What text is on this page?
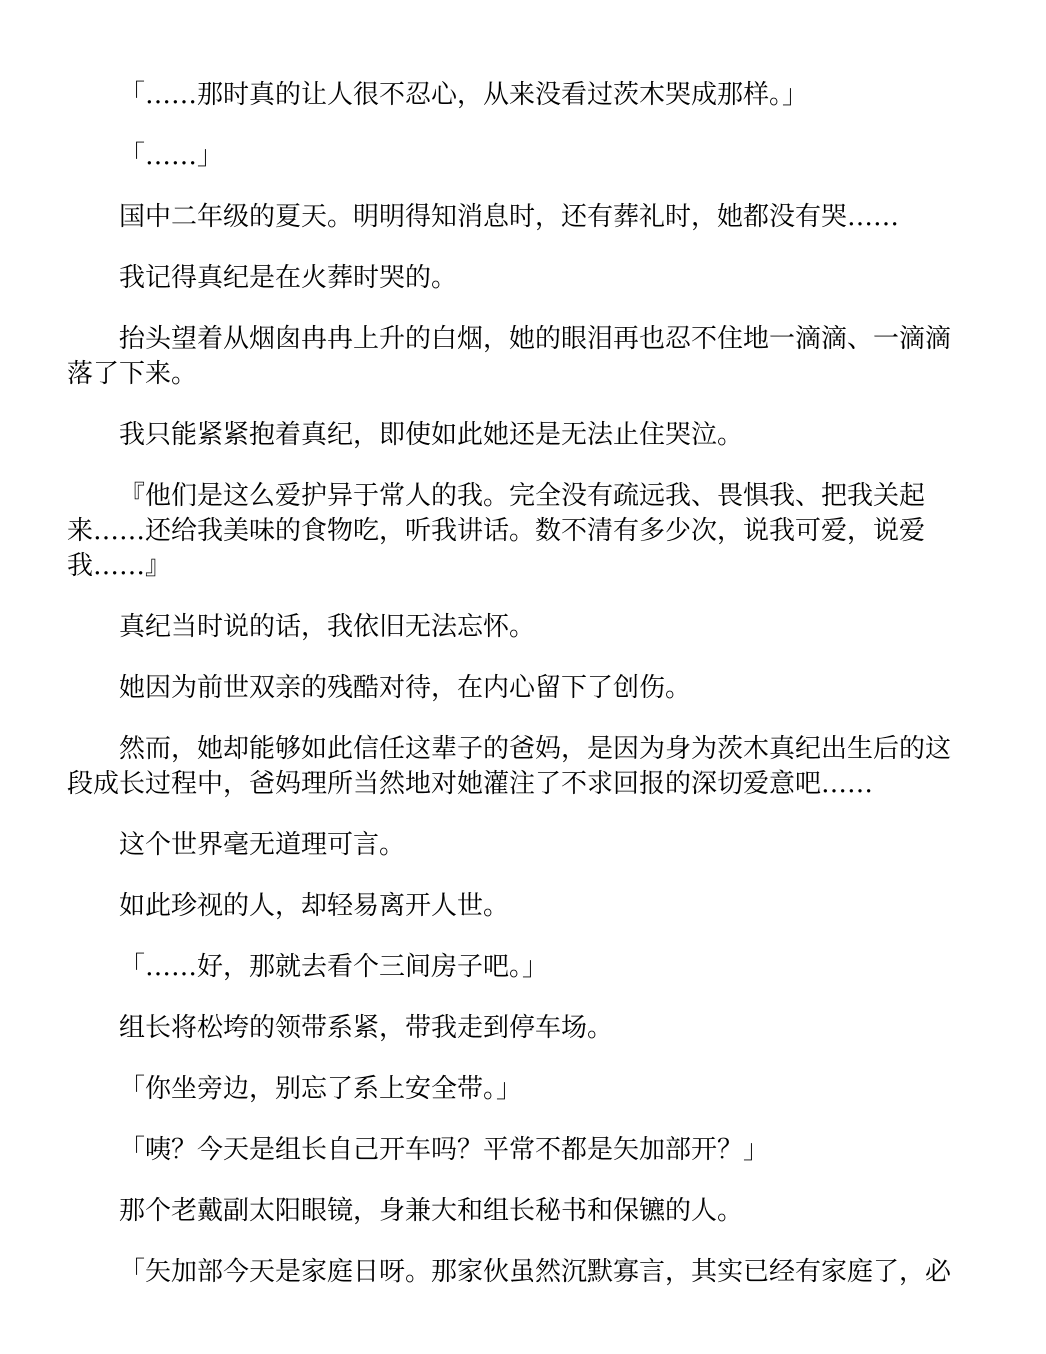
「……那时真的让人很不忍心，从来没看过茨木哭成那样。」

「……」

国中二年级的夏天。明明得知消息时，还有葬礼时，她都没有哭……

我记得真纪是在火葬时哭的。

抬头望着从烟囱冉冉上升的白烟，她的眼泪再也忍不住地一滴滴、一滴滴落了下来。

我只能紧紧抱着真纪，即使如此她还是无法止住哭泣。

『他们是这么爱护异于常人的我。完全没有疏远我、畏惧我、把我关起来……还给我美味的食物吃，听我讲话。数不清有多少次，说我可爱，说爱我……』

真纪当时说的话，我依旧无法忘怀。

她因为前世双亲的残酷对待，在内心留下了创伤。

然而，她却能够如此信任这辈子的爸妈，是因为身为茨木真纪出生后的这段成长过程中，爸妈理所当然地对她灌注了不求回报的深切爱意吧……

这个世界毫无道理可言。

如此珍视的人，却轻易离开人世。

「……好，那就去看个三间房子吧。」

组长将松垮的领带系紧，带我走到停车场。

「你坐旁边，别忘了系上安全带。」

「咦？今天是组长自己开车吗？平常不都是矢加部开？」

那个老戴副太阳眼镜，身兼大和组长秘书和保镳的人。

「矢加部今天是家庭日呀。那家伙虽然沉默寡言，其实已经有家庭了，必
